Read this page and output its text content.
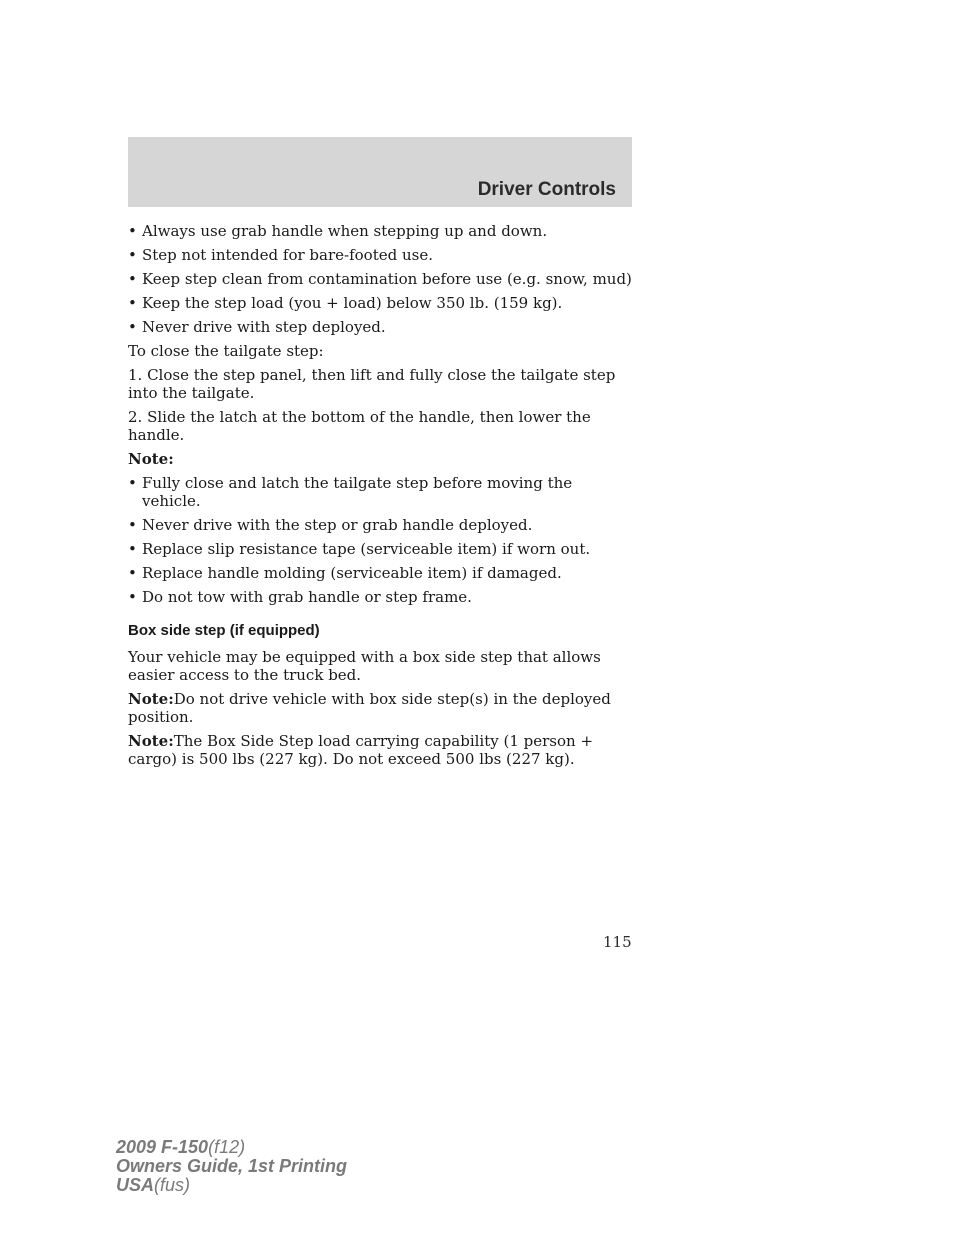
Driver Controls
• Always use grab handle when stepping up and down.
• Step not intended for bare-footed use.
• Keep step clean from contamination before use (e.g. snow, mud)
• Keep the step load (you + load) below 350 lb. (159 kg).
• Never drive with step deployed.

To close the tailgate step:

1. Close the step panel, then lift and fully close the tailgate step into the tailgate.

2. Slide the latch at the bottom of the handle, then lower the handle.

Note:

• Fully close and latch the tailgate step before moving the vehicle.
• Never drive with the step or grab handle deployed.
• Replace slip resistance tape (serviceable item) if worn out.
• Replace handle molding (serviceable item) if damaged.
• Do not tow with grab handle or step frame.
Box side step (if equipped)

Your vehicle may be equipped with a box side step that allows easier access to the truck bed.

Note:Do not drive vehicle with box side step(s) in the deployed position.

Note:The Box Side Step load carrying capability (1 person + cargo) is 500 lbs (227 kg). Do not exceed 500 lbs (227 kg).

115
2009 F-150(f12)
Owners Guide, 1st Printing
USA(fus)
